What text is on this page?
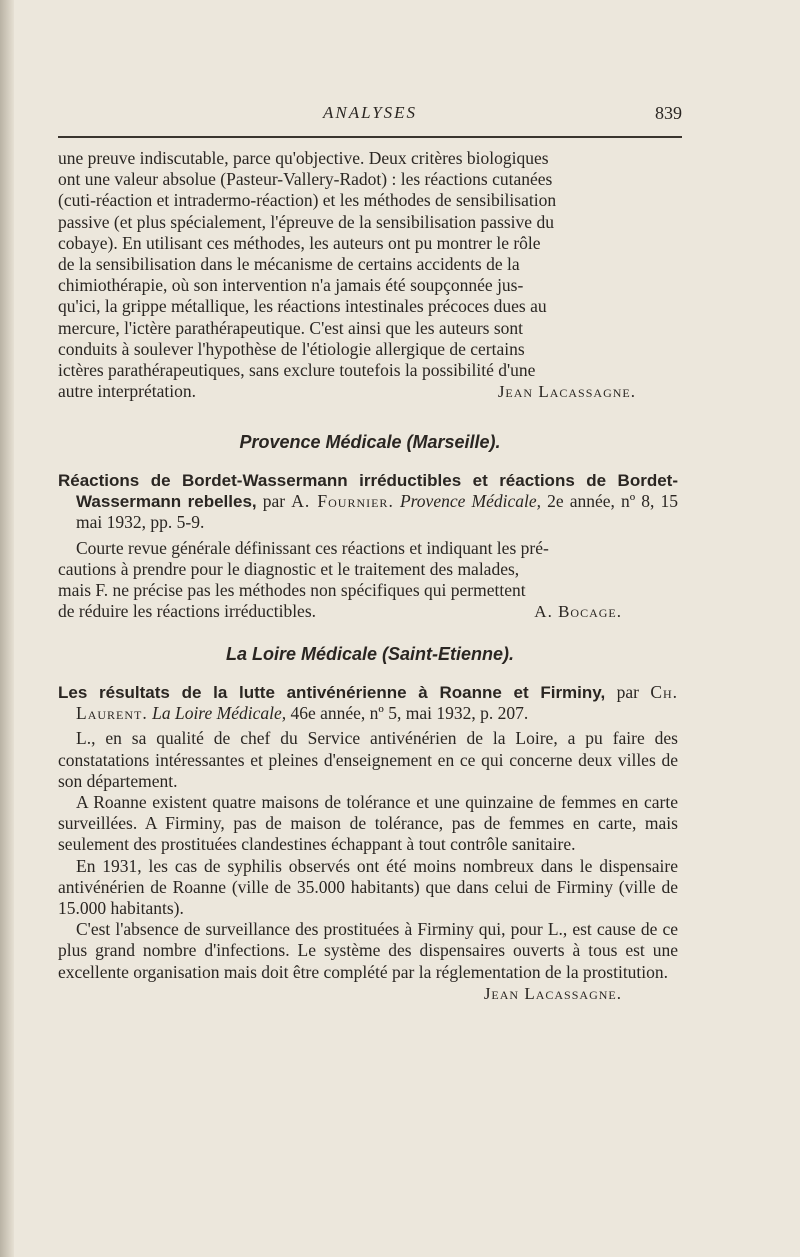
ANALYSES	839
une preuve indiscutable, parce qu'objective. Deux critères biologiques
ont une valeur absolue (Pasteur-Vallery-Radot) : les réactions cutanées
(cuti-réaction et intradermo-réaction) et les méthodes de sensibilisation
passive (et plus spécialement, l'épreuve de la sensibilisation passive du
cobaye). En utilisant ces méthodes, les auteurs ont pu montrer le rôle
de la sensibilisation dans le mécanisme de certains accidents de la
chimiothérapie, où son intervention n'a jamais été soupçonnée jus-
qu'ici, la grippe métallique, les réactions intestinales précoces dues au
mercure, l'ictère parathérapeutique. C'est ainsi que les auteurs sont
conduits à soulever l'hypothèse de l'étiologie allergique de certains
ictères parathérapeutiques, sans exclure toutefois la possibilité d'une
autre interprétation.	Jean Lacassagne.
Provence Médicale (Marseille).
Réactions de Bordet-Wassermann irréductibles et réactions de Bordet-Wassermann rebelles, par A. Fournier. Provence Médicale, 2e année, nº 8, 15 mai 1932, pp. 5-9.
Courte revue générale définissant ces réactions et indiquant les pré-
cautions à prendre pour le diagnostic et le traitement des malades,
mais F. ne précise pas les méthodes non spécifiques qui permettent
de réduire les réactions irréductibles.	A. Bocage.
La Loire Médicale (Saint-Etienne).
Les résultats de la lutte antivénérienne à Roanne et Firminy, par Ch. Laurent. La Loire Médicale, 46e année, nº 5, mai 1932, p. 207.

L., en sa qualité de chef du Service antivénérien de la Loire, a pu faire des constatations intéressantes et pleines d'enseignement en ce qui concerne deux villes de son département.

A Roanne existent quatre maisons de tolérance et une quinzaine de femmes en carte surveillées. A Firminy, pas de maison de tolérance, pas de femmes en carte, mais seulement des prostituées clandestines échappant à tout contrôle sanitaire.

En 1931, les cas de syphilis observés ont été moins nombreux dans le dispensaire antivénérien de Roanne (ville de 35.000 habitants) que dans celui de Firminy (ville de 15.000 habitants).

C'est l'absence de surveillance des prostituées à Firminy qui, pour L., est cause de ce plus grand nombre d'infections. Le système des dispensaires ouverts à tous est une excellente organisation mais doit être complété par la réglementation de la prostitution.

Jean Lacassagne.
